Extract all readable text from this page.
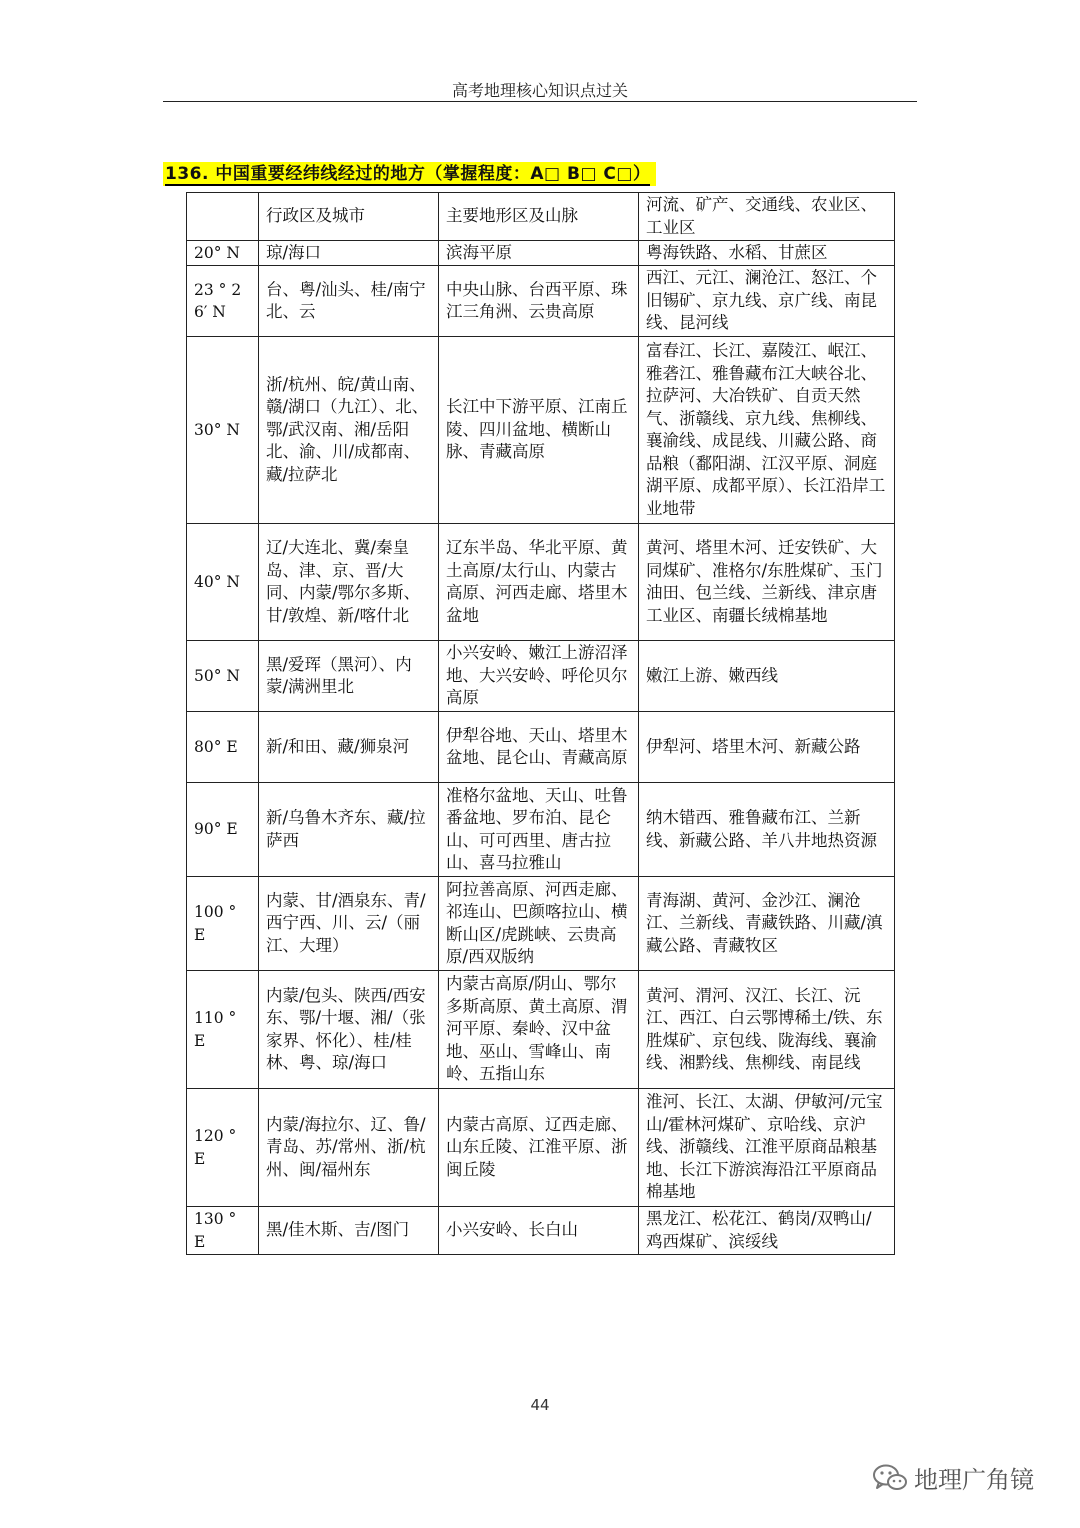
高考地理核心知识点过关
136. 中国重要经纬线经过的地方（掌握程度：A□ B□ C□）
	行政区及城市	主要地形区及山脉	河流、矿产、交通线、农业区、工业区
20° N	琼/海口	滨海平原	粤海铁路、水稻、甘蔗区
23 ° 26′ N	台、粤/汕头、桂/南宁北、云	中央山脉、台西平原、珠江三角洲、云贵高原	西江、元江、澜沧江、怒江、个旧锡矿、京九线、京广线、南昆线、昆河线
30° N	浙/杭州、皖/黄山南、赣/湖口（九江）、北、鄂/武汉南、湘/岳阳北、渝、川/成都南、藏/拉萨北	长江中下游平原、江南丘陵、四川盆地、横断山脉、青藏高原	富春江、长江、嘉陵江、岷江、雅砻江、雅鲁藏布江大峡谷北、拉萨河、大冶铁矿、自贡天然气、浙赣线、京九线、焦柳线、襄渝线、成昆线、川藏公路、商品粮（鄱阳湖、江汉平原、洞庭湖平原、成都平原）、长江沿岸工业地带
40° N	辽/大连北、冀/秦皇岛、津、京、晋/大同、内蒙/鄂尔多斯、甘/敦煌、新/喀什北	辽东半岛、华北平原、黄土高原/太行山、内蒙古高原、河西走廊、塔里木盆地	黄河、塔里木河、迁安铁矿、大同煤矿、准格尔/东胜煤矿、玉门油田、包兰线、兰新线、津京唐工业区、南疆长绒棉基地
50° N	黑/爱珲（黑河）、内蒙/满洲里北	小兴安岭、嫩江上游沼泽地、大兴安岭、呼伦贝尔高原	嫩江上游、嫩西线
80° E	新/和田、藏/狮泉河	伊犁谷地、天山、塔里木盆地、昆仑山、青藏高原	伊犁河、塔里木河、新藏公路
90° E	新/乌鲁木齐东、藏/拉萨西	准格尔盆地、天山、吐鲁番盆地、罗布泊、昆仑山、可可西里、唐古拉山、喜马拉雅山	纳木错西、雅鲁藏布江、兰新线、新藏公路、羊八井地热资源
100 ° E	内蒙、甘/酒泉东、青/西宁西、川、云/（丽江、大理）	阿拉善高原、河西走廊、祁连山、巴颜喀拉山、横断山区/虎跳峡、云贵高原/西双版纳	青海湖、黄河、金沙江、澜沧江、兰新线、青藏铁路、川藏/滇藏公路、青藏牧区
110 ° E	内蒙/包头、陕西/西安东、鄂/十堰、湘/（张家界、怀化）、桂/桂林、粤、琼/海口	内蒙古高原/阴山、鄂尔多斯高原、黄土高原、渭河平原、秦岭、汉中盆地、巫山、雪峰山、南岭、五指山东	黄河、渭河、汉江、长江、沅江、西江、白云鄂博稀土/铁、东胜煤矿、京包线、陇海线、襄渝线、湘黔线、焦柳线、南昆线
120 ° E	内蒙/海拉尔、辽、鲁/青岛、苏/常州、浙/杭州、闽/福州东	内蒙古高原、辽西走廊、山东丘陵、江淮平原、浙闽丘陵	淮河、长江、太湖、伊敏河/元宝山/霍林河煤矿、京哈线、京沪线、浙赣线、江淮平原商品粮基地、长江下游滨海沿江平原商品棉基地
130 ° E	黑/佳木斯、吉/图门	小兴安岭、长白山	黑龙江、松花江、鹤岗/双鸭山/鸡西煤矿、滨绥线
44
地理广角镜
